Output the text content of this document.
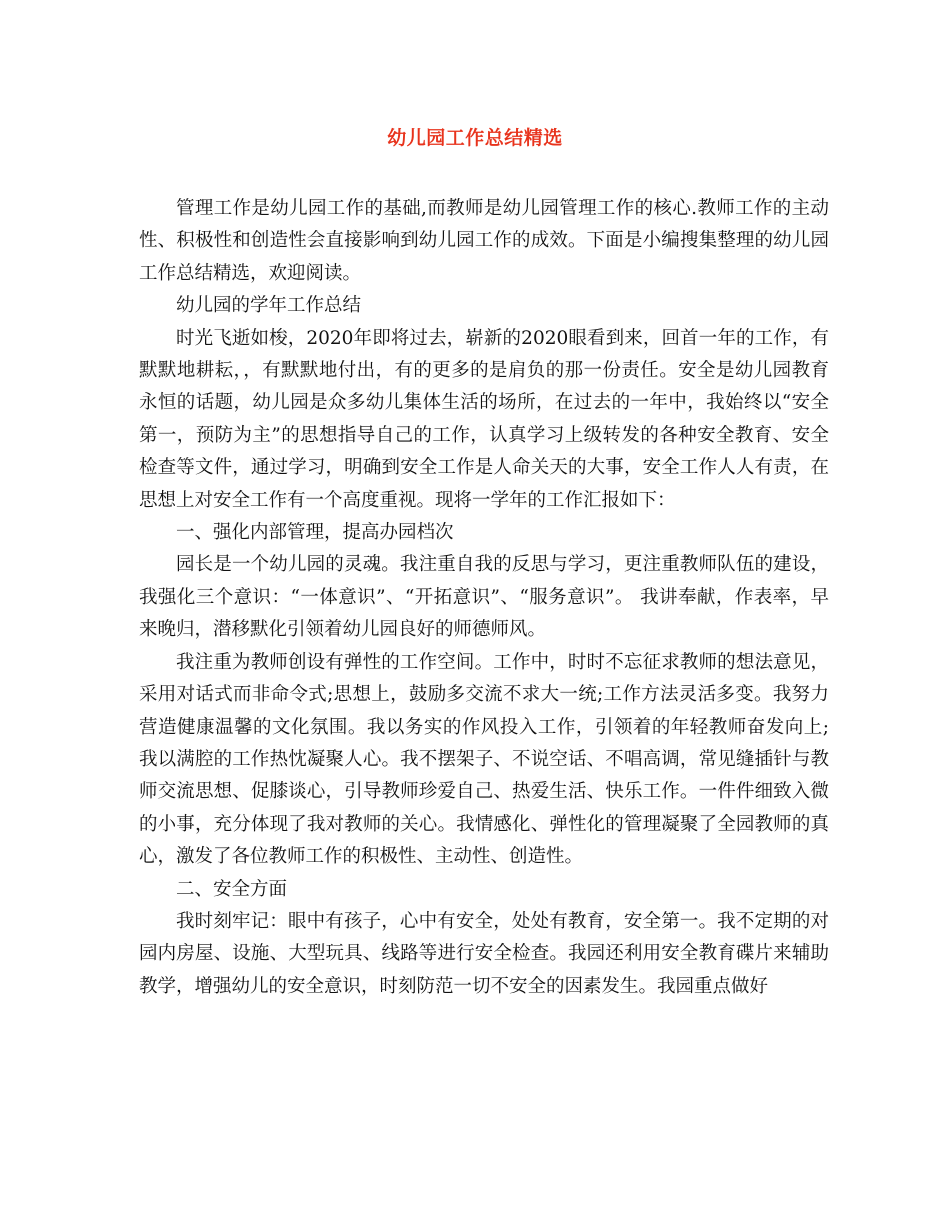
幼儿园工作总结精选

管理工作是幼儿园工作的基础,而教师是幼儿园管理工作的核心.教师工作的主动性、积极性和创造性会直接影响到幼儿园工作的成效。下面是小编搜集整理的幼儿园工作总结精选，欢迎阅读。

幼儿园的学年工作总结

时光飞逝如梭，2020年即将过去，崭新的2020眼看到来，回首一年的工作，有默默地耕耘，，有默默地付出，有的更多的是肩负的那一份责任。安全是幼儿园教育永恒的话题，幼儿园是众多幼儿集体生活的场所，在过去的一年中，我始终以“安全第一，预防为主”的思想指导自己的工作，认真学习上级转发的各种安全教育、安全检查等文件，通过学习，明确到安全工作是人命关天的大事，安全工作人人有责，在思想上对安全工作有一个高度重视。现将一学年的工作汇报如下：

一、强化内部管理，提高办园档次

园长是一个幼儿园的灵魂。我注重自我的反思与学习，更注重教师队伍的建设，我强化三个意识：“一体意识”、“开拓意识”、“服务意识”。 我讲奉献，作表率，早来晚归，潜移默化引领着幼儿园良好的师德师风。

我注重为教师创设有弹性的工作空间。工作中，时时不忘征求教师的想法意见，采用对话式而非命令式;思想上，鼓励多交流不求大一统;工作方法灵活多变。我努力营造健康温馨的文化氛围。我以务实的作风投入工作，引领着的年轻教师奋发向上;我以满腔的工作热忱凝聚人心。我不摆架子、不说空话、不唱高调，常见缝插针与教师交流思想、促膝谈心，引导教师珍爱自己、热爱生活、快乐工作。一件件细致入微的小事，充分体现了我对教师的关心。我情感化、弹性化的管理凝聚了全园教师的真心，激发了各位教师工作的积极性、主动性、创造性。

二、安全方面

我时刻牢记：眼中有孩子，心中有安全，处处有教育，安全第一。我不定期的对园内房屋、设施、大型玩具、线路等进行安全检查。我园还利用安全教育碟片来辅助教学，增强幼儿的安全意识，时刻防范一切不安全的因素发生。我园重点做好
